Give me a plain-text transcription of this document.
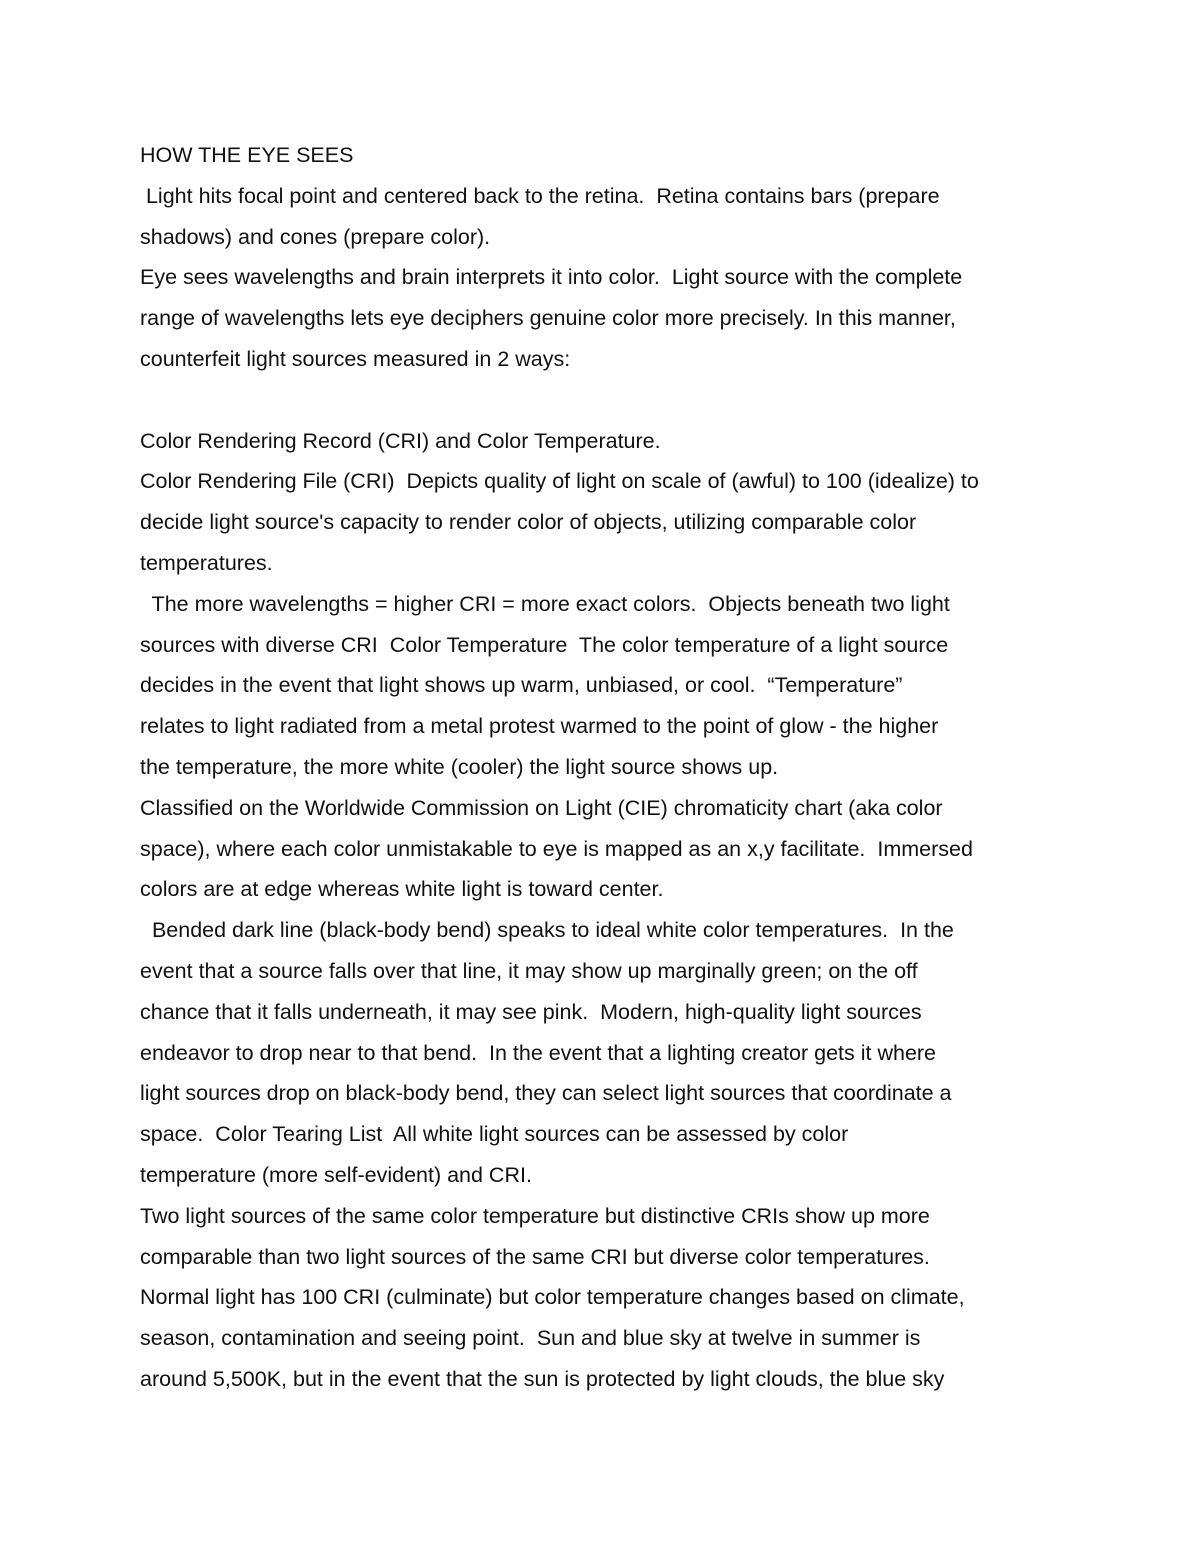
HOW THE EYE SEES
Light hits focal point and centered back to the retina.  Retina contains bars (prepare
shadows) and cones (prepare color).
Eye sees wavelengths and brain interprets it into color.  Light source with the complete
range of wavelengths lets eye deciphers genuine color more precisely. In this manner,
counterfeit light sources measured in 2 ways:
Color Rendering Record (CRI) and Color Temperature.
Color Rendering File (CRI)  Depicts quality of light on scale of (awful) to 100 (idealize) to
decide light source's capacity to render color of objects, utilizing comparable color
temperatures.
The more wavelengths = higher CRI = more exact colors.  Objects beneath two light
sources with diverse CRI  Color Temperature  The color temperature of a light source
decides in the event that light shows up warm, unbiased, or cool.  “Temperature”
relates to light radiated from a metal protest warmed to the point of glow - the higher
the temperature, the more white (cooler) the light source shows up.
Classified on the Worldwide Commission on Light (CIE) chromaticity chart (aka color
space), where each color unmistakable to eye is mapped as an x,y facilitate.  Immersed
colors are at edge whereas white light is toward center.
Bended dark line (black-body bend) speaks to ideal white color temperatures.  In the
event that a source falls over that line, it may show up marginally green; on the off
chance that it falls underneath, it may see pink.  Modern, high-quality light sources
endeavor to drop near to that bend.  In the event that a lighting creator gets it where
light sources drop on black-body bend, they can select light sources that coordinate a
space.  Color Tearing List  All white light sources can be assessed by color
temperature (more self-evident) and CRI.
Two light sources of the same color temperature but distinctive CRIs show up more
comparable than two light sources of the same CRI but diverse color temperatures.
Normal light has 100 CRI (culminate) but color temperature changes based on climate,
season, contamination and seeing point.  Sun and blue sky at twelve in summer is
around 5,500K, but in the event that the sun is protected by light clouds, the blue sky
